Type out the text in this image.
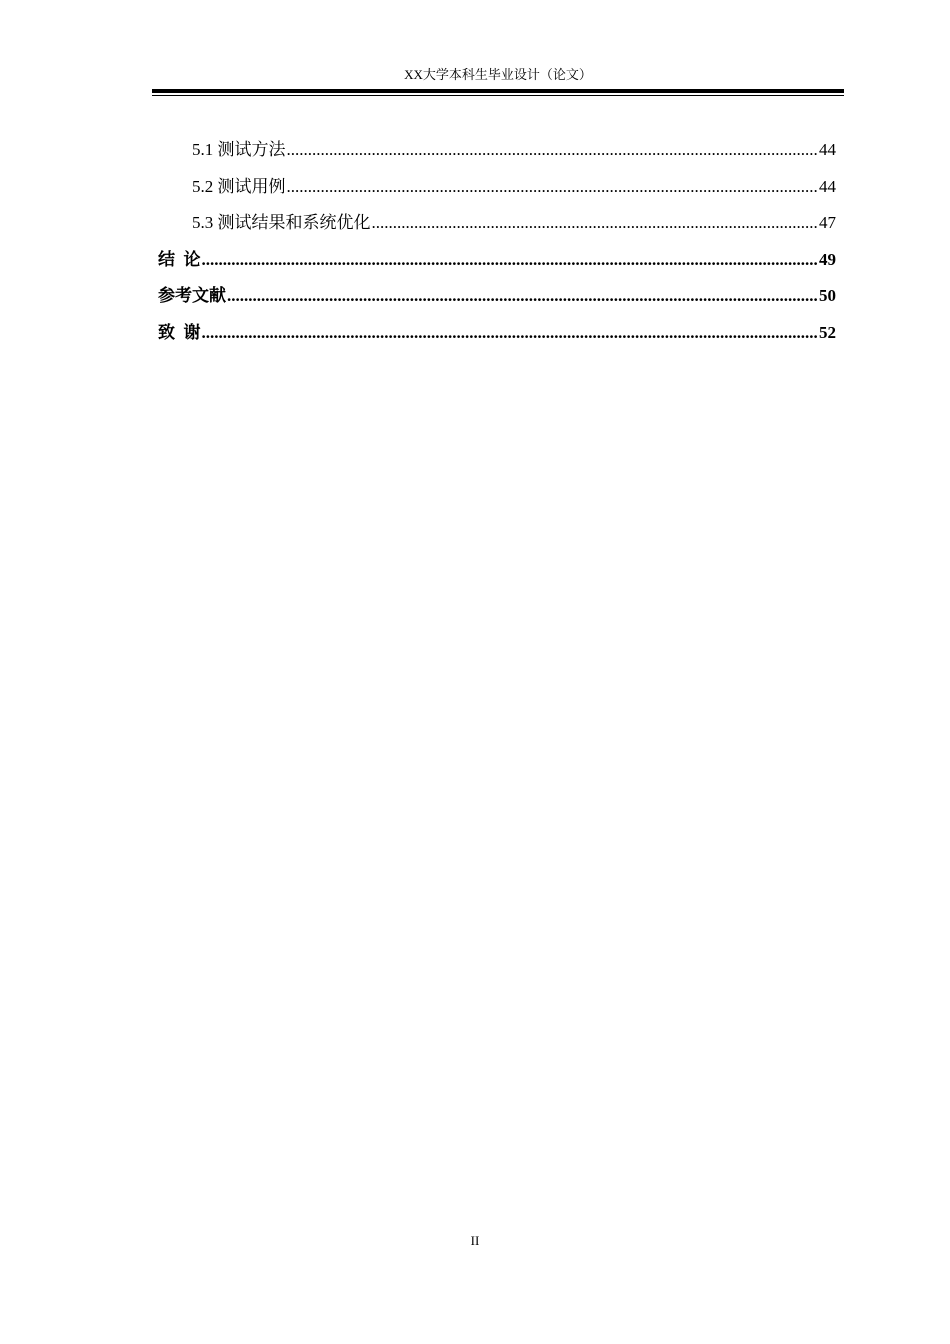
XX大学本科生毕业设计（论文）
5.1 测试方法 .....	44
5.2 测试用例 .....	44
5.3 测试结果和系统优化 .....	47
结  论 .....	49
参考文献 .....	50
致  谢 .....	52
II
